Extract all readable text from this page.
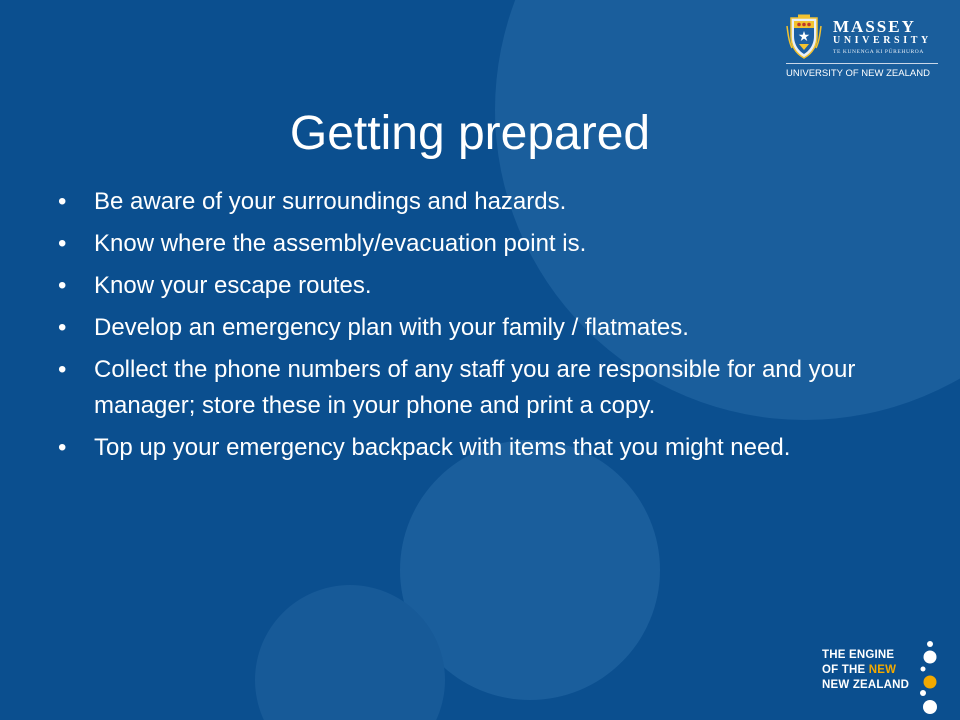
MASSEY
UNIVERSITY
TE KUNENGA KI PŪREHUROA
UNIVERSITY OF NEW ZEALAND
Getting prepared
• Be aware of your surroundings and hazards.
• Know where the assembly/evacuation point is.
• Know your escape routes.
• Develop an emergency plan with your family / flatmates.
• Collect the phone numbers of any staff you are responsible for and your manager; store these in your phone and print a copy.
• Top up your emergency backpack with items that you might need.
THE ENGINE
OF THE NEW
NEW ZEALAND
